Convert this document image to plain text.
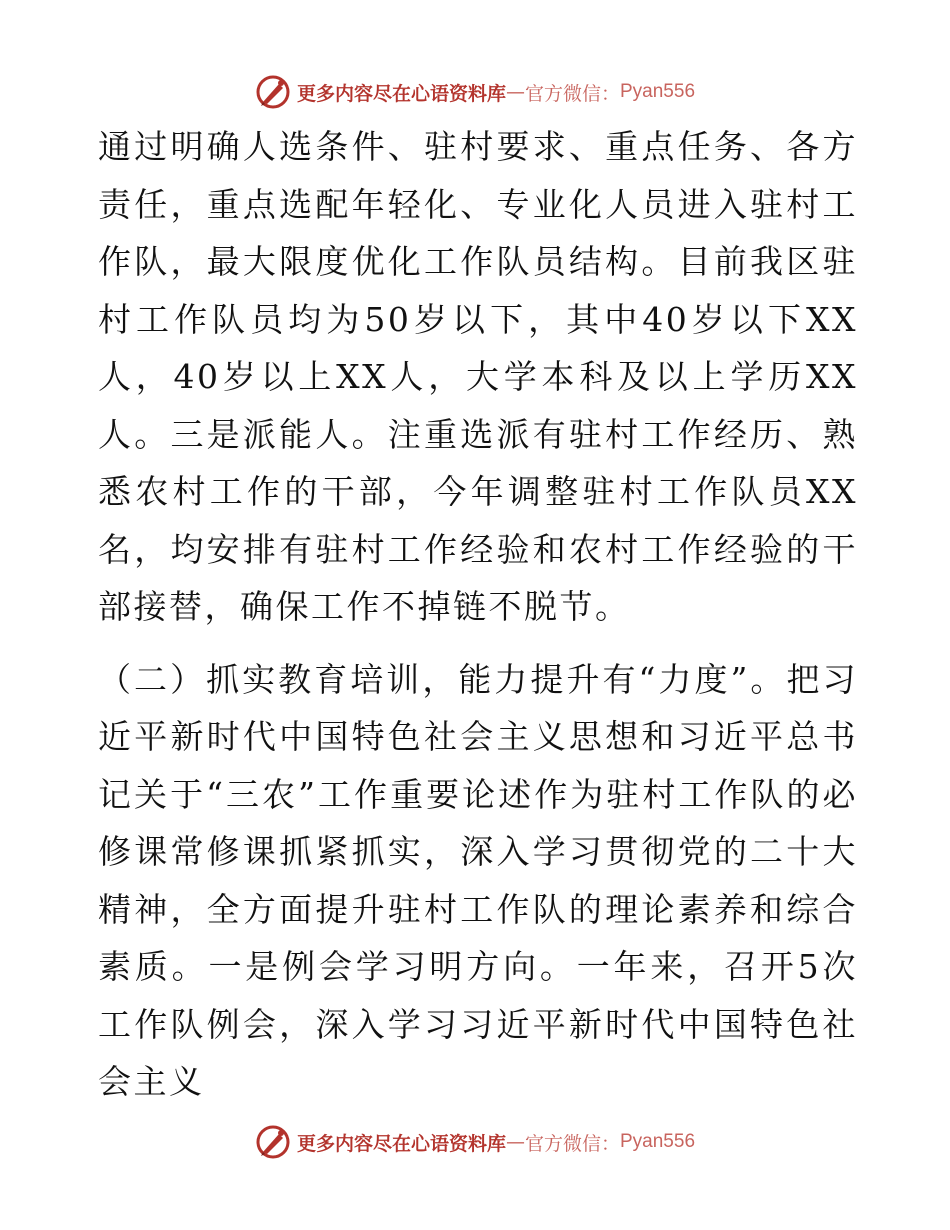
更多内容尽在心语资料库 — 官方微信： Pyan556

通过明确人选条件、驻村要求、重点任务、各方责任，重点选配年轻化、专业化人员进入驻村工作队，最大限度优化工作队员结构。目前我区驻村工作队员均为50岁以下，其中40岁以下XX人，40岁以上XX人，大学本科及以上学历XX人。三是派能人。注重选派有驻村工作经历、熟悉农村工作的干部，今年调整驻村工作队员XX名，均安排有驻村工作经验和农村工作经验的干部接替，确保工作不掉链不脱节。

（二）抓实教育培训，能力提升有“力度”。把习近平新时代中国特色社会主义思想和习近平总书记关于“三农”工作重要论述作为驻村工作队的必修课常修课抓紧抓实，深入学习贯彻党的二十大精神，全方面提升驻村工作队的理论素养和综合素质。一是例会学习明方向。一年来，召开5次工作队例会，深入学习习近平新时代中国特色社会主义

更多内容尽在心语资料库 — 官方微信： Pyan556
